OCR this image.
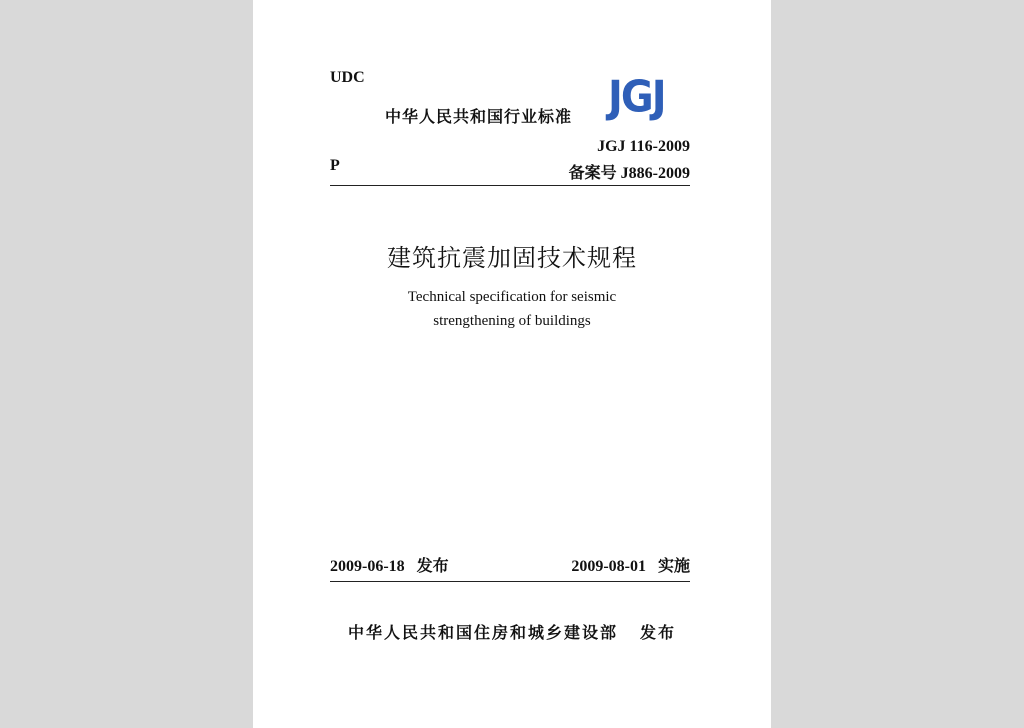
UDC
中华人民共和国行业标准 JGJ
JGJ 116-2009
P	备案号 J886-2009
建筑抗震加固技术规程
Technical specification for seismic
strengthening of buildings
2009-06-18 发布	2009-08-01 实施
中华人民共和国住房和城乡建设部 发布
